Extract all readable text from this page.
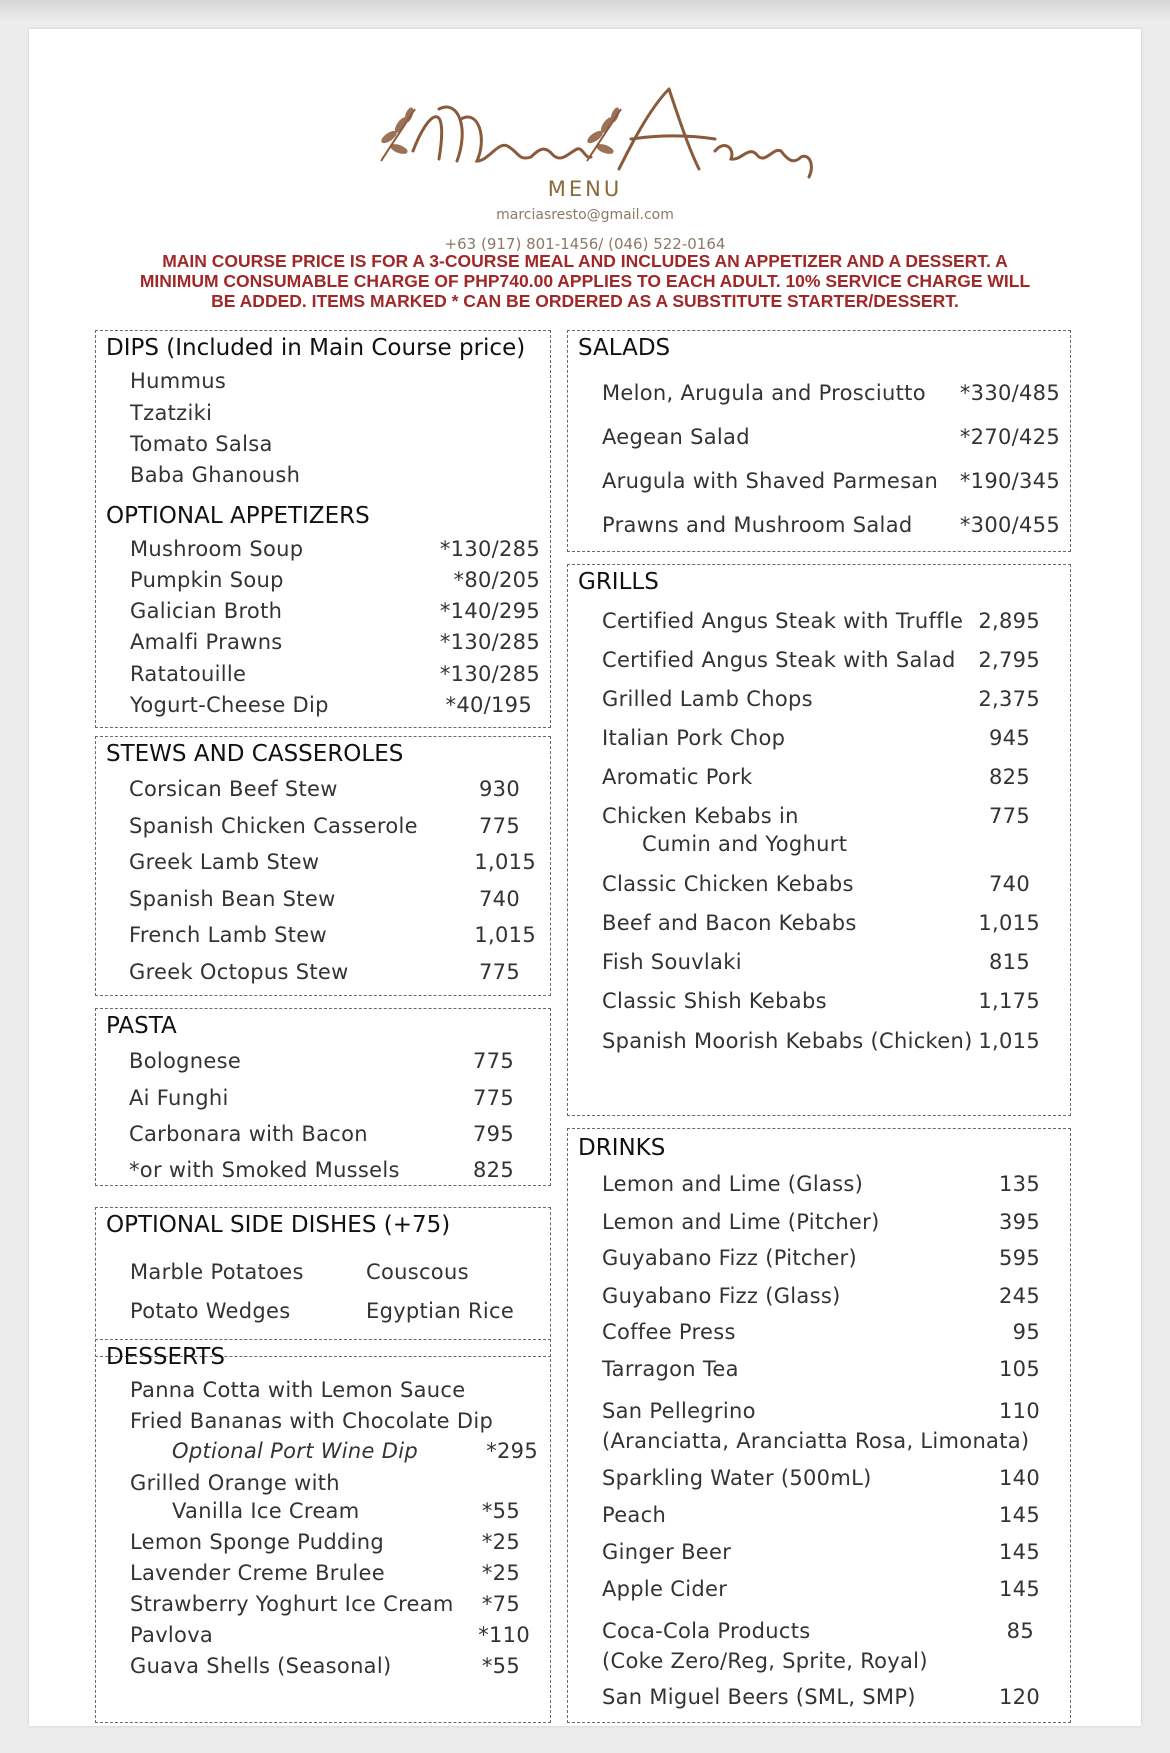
MENU
marciasresto@gmail.com
+63 (917) 801-1456/ (046) 522-0164
MAIN COURSE PRICE IS FOR A 3-COURSE MEAL AND INCLUDES AN APPETIZER AND A DESSERT. A MINIMUM CONSUMABLE CHARGE OF PHP740.00 APPLIES TO EACH ADULT. 10% SERVICE CHARGE WILL BE ADDED. ITEMS MARKED * CAN BE ORDERED AS A SUBSTITUTE STARTER/DESSERT.
DIPS (Included in Main Course price)
Hummus
Tzatziki
Tomato Salsa
Baba Ghanoush
OPTIONAL APPETIZERS
Mushroom Soup	*130/285
Pumpkin Soup	*80/205
Galician Broth	*140/295
Amalfi Prawns	*130/285
Ratatouille	*130/285
Yogurt-Cheese Dip	*40/195
STEWS AND CASSEROLES
Corsican Beef Stew	930
Spanish Chicken Casserole	775
Greek Lamb Stew	1,015
Spanish Bean Stew	740
French Lamb Stew	1,015
Greek Octopus Stew	775
PASTA
Bolognese	775
Ai Funghi	775
Carbonara with Bacon	795
*or with Smoked Mussels	825
OPTIONAL SIDE DISHES (+75)
Marble Potatoes	Couscous
Potato Wedges	Egyptian Rice
DESSERTS
Panna Cotta with Lemon Sauce
Fried Bananas with Chocolate Dip
Optional Port Wine Dip	*295
Grilled Orange with
Vanilla Ice Cream	*55
Lemon Sponge Pudding	*25
Lavender Creme Brulee	*25
Strawberry Yoghurt Ice Cream *75
Pavlova	*110
Guava Shells (Seasonal)	*55
SALADS
Melon, Arugula and Prosciutto *330/485
Aegean Salad	*270/425
Arugula with Shaved Parmesan *190/345
Prawns and Mushroom Salad *300/455
GRILLS
Certified Angus Steak with Truffle 2,895
Certified Angus Steak with Salad 2,795
Grilled Lamb Chops	2,375
Italian Pork Chop	945
Aromatic Pork	825
Chicken Kebabs in	775
Cumin and Yoghurt
Classic Chicken Kebabs	740
Beef and Bacon Kebabs	1,015
Fish Souvlaki	815
Classic Shish Kebabs	1,175
Spanish Moorish Kebabs (Chicken) 1,015
DRINKS
Lemon and Lime (Glass)	135
Lemon and Lime (Pitcher)	395
Guyabano Fizz (Pitcher)	595
Guyabano Fizz (Glass)	245
Coffee Press	95
Tarragon Tea	105
San Pellegrino	110
(Aranciatta, Aranciatta Rosa, Limonata)
Sparkling Water (500mL)	140
Peach	145
Ginger Beer	145
Apple Cider	145
Coca-Cola Products	85
(Coke Zero/Reg, Sprite, Royal)
San Miguel Beers (SML, SMP)	120
